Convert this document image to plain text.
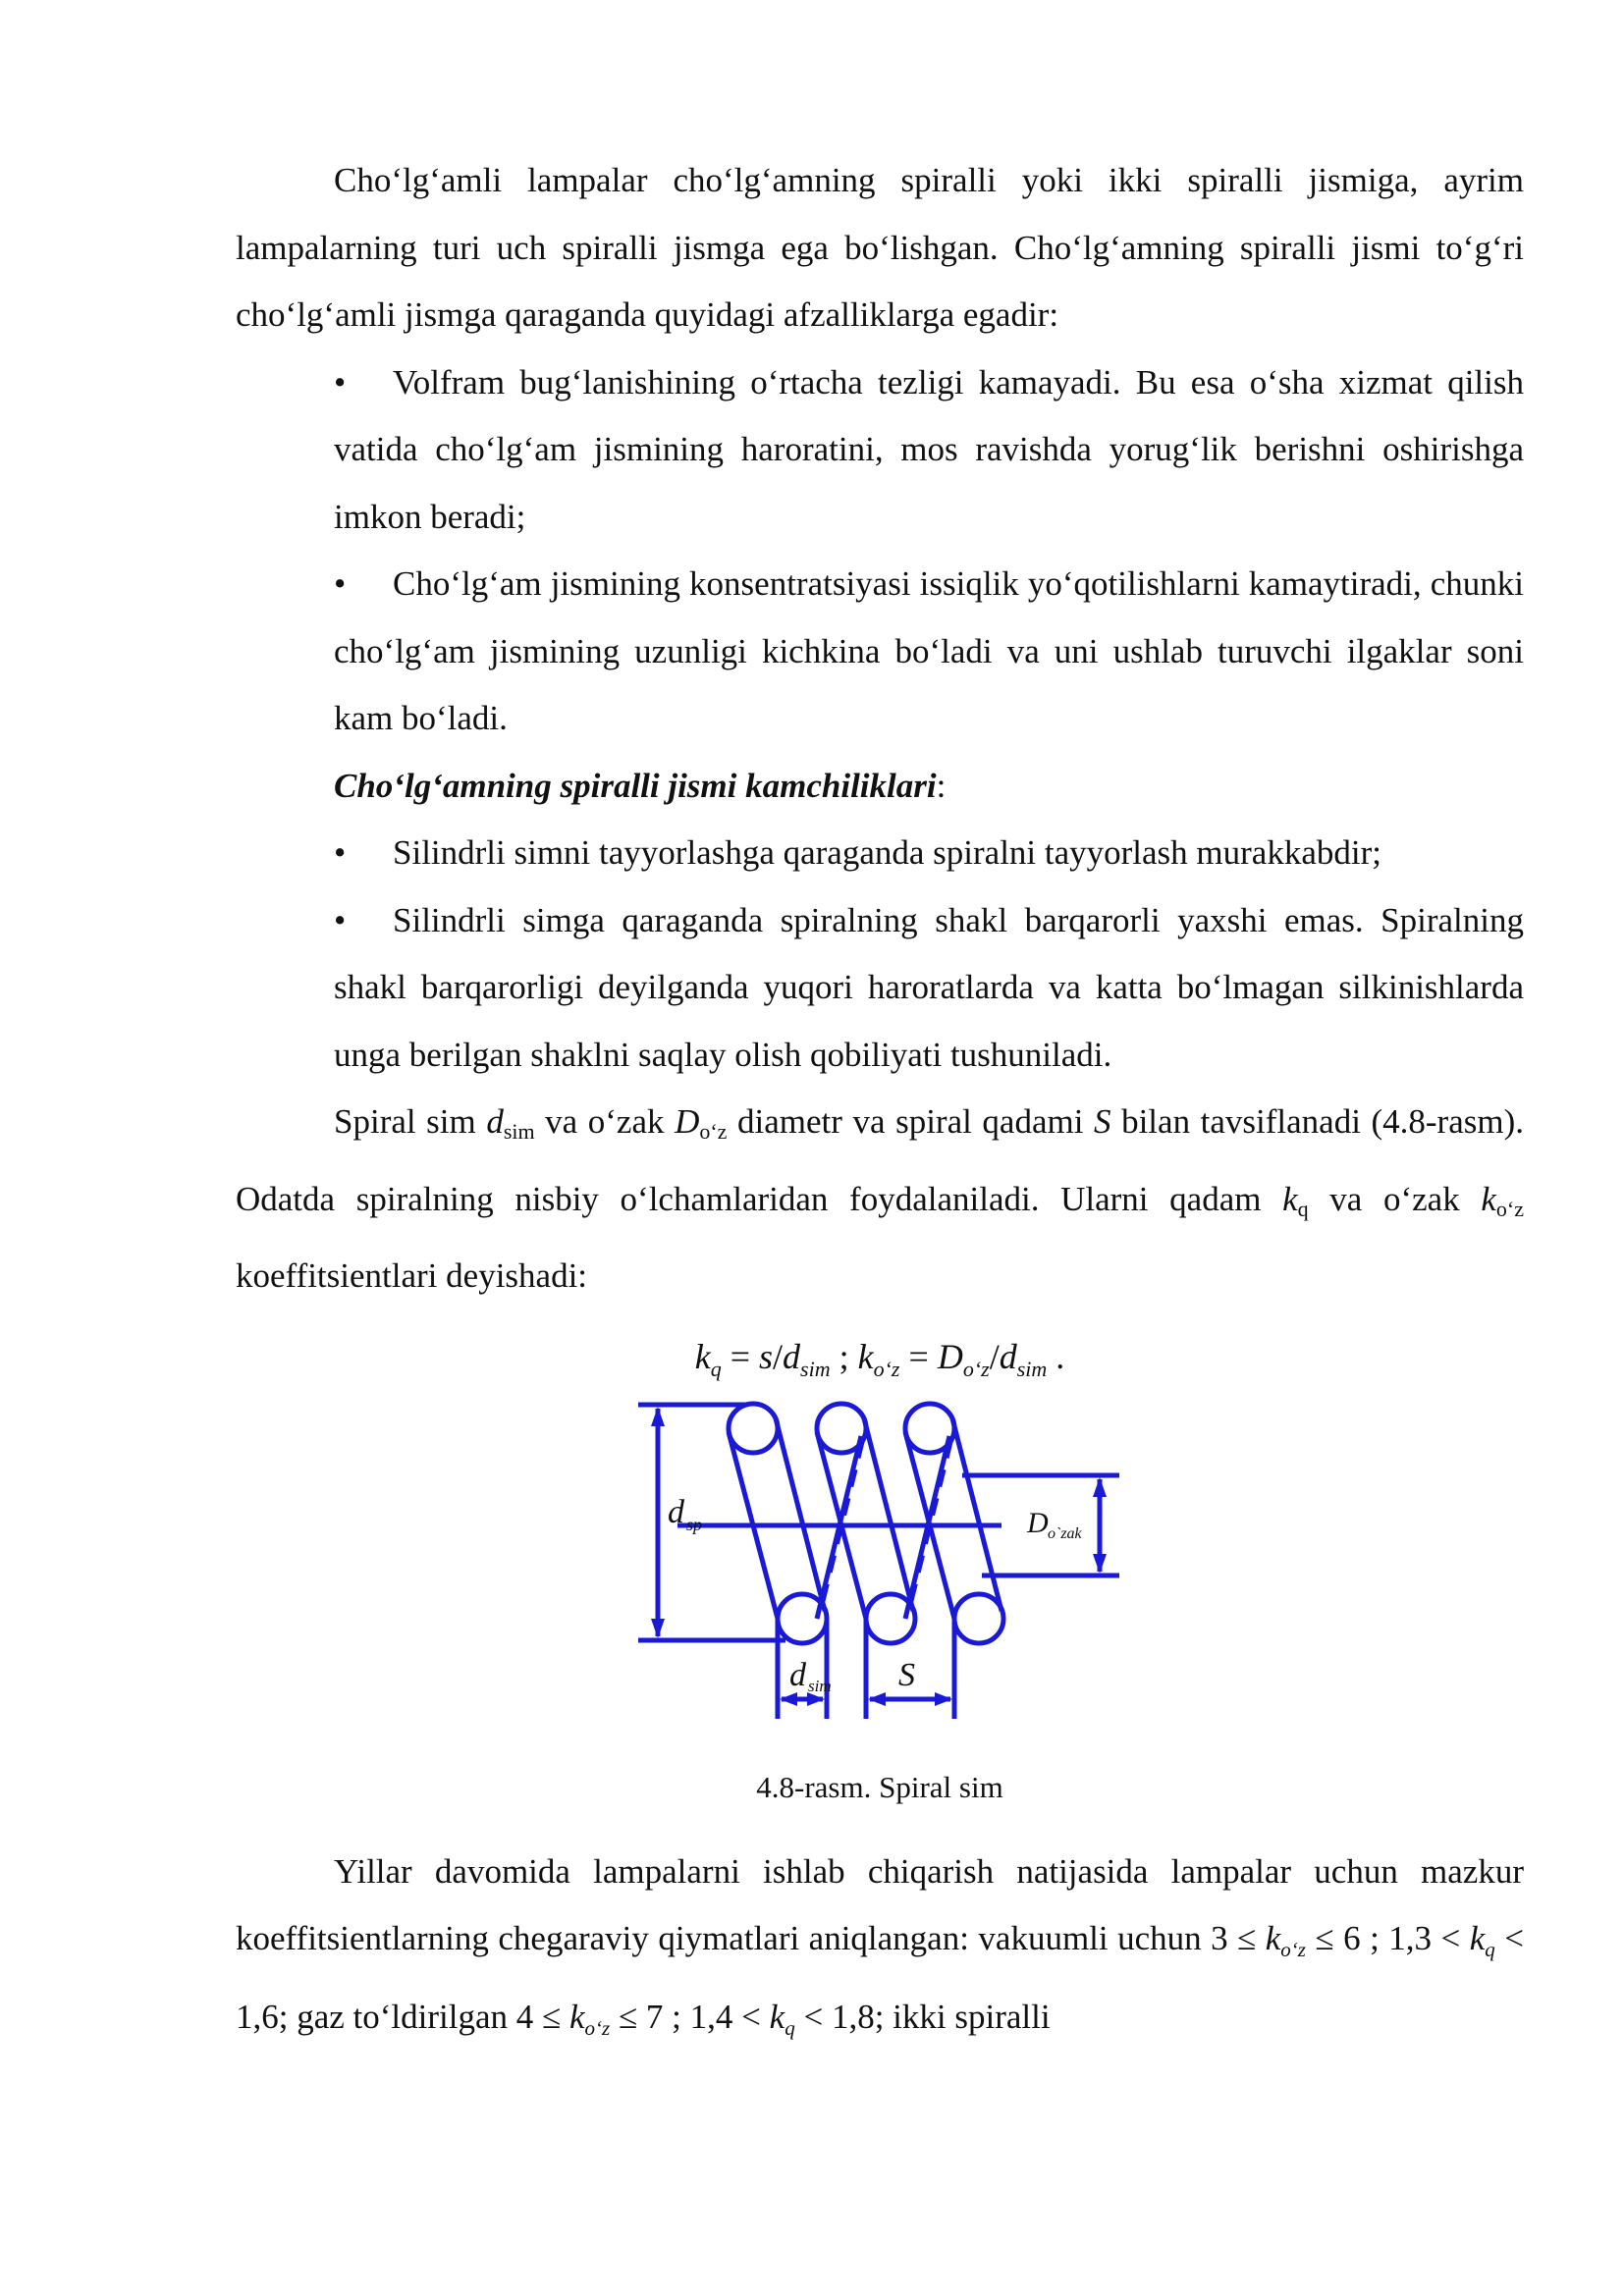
Cho‘lg‘amli lampalar cho‘lg‘amning spiralli yoki ikki spiralli jismiga, ayrim lampalarning turi uch spiralli jismga ega bo‘lishgan. Cho‘lg‘amning spiralli jismi to‘g‘ri cho‘lg‘amli jismga qaraganda quyidagi afzalliklarga egadir:

• Volfram bug‘lanishining o‘rtacha tezligi kamayadi. Bu esa o‘sha xizmat qilish vatida cho‘lg‘am jismining haroratini, mos ravishda yorug‘lik berishni oshirishga imkon beradi;

• Cho‘lg‘am jismining konsentratsiyasi issiqlik yo‘qotilishlarni kamaytiradi, chunki cho‘lg‘am jismining uzunligi kichkina bo‘ladi va uni ushlab turuvchi ilgaklar soni kam bo‘ladi.

Cho‘lg‘amning spiralli jismi kamchiliklari:

• Silindrli simni tayyorlashga qaraganda spiralni tayyorlash murakkabdir;

• Silindrli simga qaraganda spiralning shakl barqarorli yaxshi emas. Spiralning shakl barqarorligi deyilganda yuqori haroratlarda va katta bo‘lmagan silkinishlarda unga berilgan shaklni saqlay olish qobiliyati tushuniladi.

Spiral sim $d_{sim}$ va o‘zak $D_{o‘z}$ diametr va spiral qadami S bilan tavsiflanadi (4.8-rasm). Odatda spiralning nisbiy o‘lchamlaridan foydalaniladi. Ularni qadam $k_q$ va o‘zak $k_{o‘z}$ koeffitsientlari deyishadi:

$k_q = s/d_{sim}$ ; $k_{o‘z} = D_{o‘z}/d_{sim}$ .
d sp	D o`zak
d sim S

4.8-rasm. Spiral sim

Yillar davomida lampalarni ishlab chiqarish natijasida lampalar uchun mazkur koeffitsientlarning chegaraviy qiymatlari aniqlangan: vakuumli uchun $3 \le k_{o‘z} \le 6$ ; $1,3 < k_q < 1,6$; gaz to‘ldirilgan $4 \le k_{o‘z} \le 7$ ; $1,4 < k_q < 1,8$; ikki spiralli
